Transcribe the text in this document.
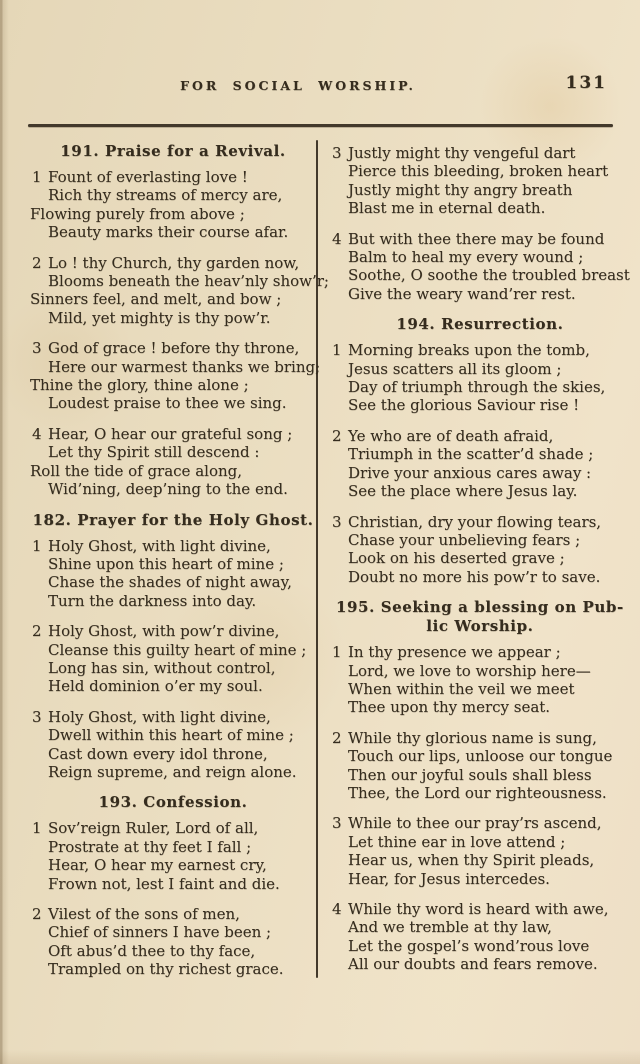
FOR SOCIAL WORSHIP.	131
191. Praise for a Revival.
1 Fount of everlasting love !
Rich thy streams of mercy are,
Flowing purely from above ;
Beauty marks their course afar.
2 Lo ! thy Church, thy garden now,
Blooms beneath the heav’nly show’r;
Sinners feel, and melt, and bow ;
Mild, yet mighty is thy pow’r.
3 God of grace ! before thy throne,
Here our warmest thanks we bring;
Thine the glory, thine alone ;
Loudest praise to thee we sing.
4 Hear, O hear our grateful song ;
Let thy Spirit still descend :
Roll the tide of grace along,
Wid’ning, deep’ning to the end.
182. Prayer for the Holy Ghost.
1 Holy Ghost, with light divine,
Shine upon this heart of mine ;
Chase the shades of night away,
Turn the darkness into day.
2 Holy Ghost, with pow’r divine,
Cleanse this guilty heart of mine ;
Long has sin, without control,
Held dominion o’er my soul.
3 Holy Ghost, with light divine,
Dwell within this heart of mine ;
Cast down every idol throne,
Reign supreme, and reign alone.
193. Confession.
1 Sov’reign Ruler, Lord of all,
Prostrate at thy feet I fall ;
Hear, O hear my earnest cry,
Frown not, lest I faint and die.
2 Vilest of the sons of men,
Chief of sinners I have been ;
Oft abus’d thee to thy face,
Trampled on thy richest grace.
3 Justly might thy vengeful dart
Pierce this bleeding, broken heart
Justly might thy angry breath
Blast me in eternal death.
4 But with thee there may be found
Balm to heal my every wound ;
Soothe, O soothe the troubled breast
Give the weary wand’rer rest.
194. Resurrection.
1 Morning breaks upon the tomb,
Jesus scatters all its gloom ;
Day of triumph through the skies,
See the glorious Saviour rise !
2 Ye who are of death afraid,
Triumph in the scatter’d shade ;
Drive your anxious cares away :
See the place where Jesus lay.
3 Christian, dry your flowing tears,
Chase your unbelieving fears ;
Look on his deserted grave ;
Doubt no more his pow’r to save.
195. Seeking a blessing on Pub-
lic Worship.
1 In thy presence we appear ;
Lord, we love to worship here—
When within the veil we meet
Thee upon thy mercy seat.
2 While thy glorious name is sung,
Touch our lips, unloose our tongue
Then our joyful souls shall bless
Thee, the Lord our righteousness.
3 While to thee our pray’rs ascend,
Let thine ear in love attend ;
Hear us, when thy Spirit pleads,
Hear, for Jesus intercedes.
4 While thy word is heard with awe,
And we tremble at thy law,
Let the gospel’s wond’rous love
All our doubts and fears remove.
